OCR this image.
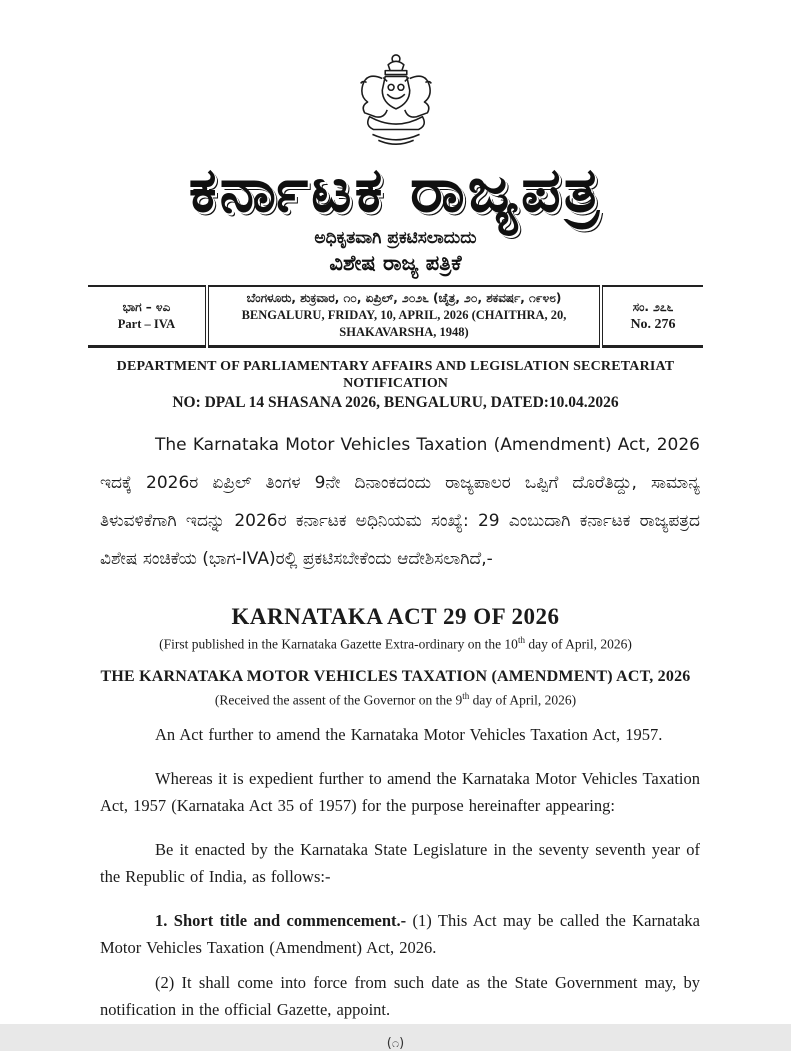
ಕರ್ನಾಟಕ ರಾಜ್ಯಪತ್ರ
ಅಧಿಕೃತವಾಗಿ ಪ್ರಕಟಿಸಲಾದುದು
ವಿಶೇಷ ರಾಜ್ಯ ಪತ್ರಿಕೆ
ಭಾಗ – ೪ಎ
Part – IVA

ಬೆಂಗಳೂರು, ಶುಕ್ರವಾರ, ೧೦, ಏಪ್ರಿಲ್, ೨೦೨೬ (ಚೈತ್ರ, ೨೦, ಶಕವರ್ಷ, ೧೯೪೮)
BENGALURU, FRIDAY, 10, APRIL, 2026 (CHAITHRA, 20, SHAKAVARSHA, 1948)

ಸಂ. ೨೭೬
No. 276
DEPARTMENT OF PARLIAMENTARY AFFAIRS AND LEGISLATION SECRETARIAT
NOTIFICATION
NO: DPAL 14 SHASANA 2026, BENGALURU, DATED:10.04.2026

The Karnataka Motor Vehicles Taxation (Amendment) Act, 2026 ಇದಕ್ಕೆ 2026ರ ಏಪ್ರಿಲ್ ತಿಂಗಳ 9ನೇ ದಿನಾಂಕದಂದು ರಾಜ್ಯಪಾಲರ ಒಪ್ಪಿಗೆ ದೊರೆತಿದ್ದು, ಸಾಮಾನ್ಯ ತಿಳುವಳಿಕೆಗಾಗಿ ಇದನ್ನು 2026ರ ಕರ್ನಾಟಕ ಅಧಿನಿಯಮ ಸಂಖ್ಯೆ: 29 ಎಂಬುದಾಗಿ ಕರ್ನಾಟಕ ರಾಜ್ಯಪತ್ರದ ವಿಶೇಷ ಸಂಚಿಕೆಯ (ಭಾಗ-IVA)ರಲ್ಲಿ ಪ್ರಕಟಿಸಬೇಕೆಂದು ಆದೇಶಿಸಲಾಗಿದೆ,-

KARNATAKA ACT 29 OF 2026
(First published in the Karnataka Gazette Extra-ordinary on the 10th day of April, 2026)
THE KARNATAKA MOTOR VEHICLES TAXATION (AMENDMENT) ACT, 2026
(Received the assent of the Governor on the 9th day of April, 2026)

An Act further to amend the Karnataka Motor Vehicles Taxation Act, 1957.

Whereas it is expedient further to amend the Karnataka Motor Vehicles Taxation Act, 1957 (Karnataka Act 35 of 1957) for the purpose hereinafter appearing:

Be it enacted by the Karnataka State Legislature in the seventy seventh year of the Republic of India, as follows:-

1. Short title and commencement.- (1) This Act may be called the Karnataka Motor Vehicles Taxation (Amendment) Act, 2026.

(2) It shall come into force from such date as the State Government may, by notification in the official Gazette, appoint.

(೧)
